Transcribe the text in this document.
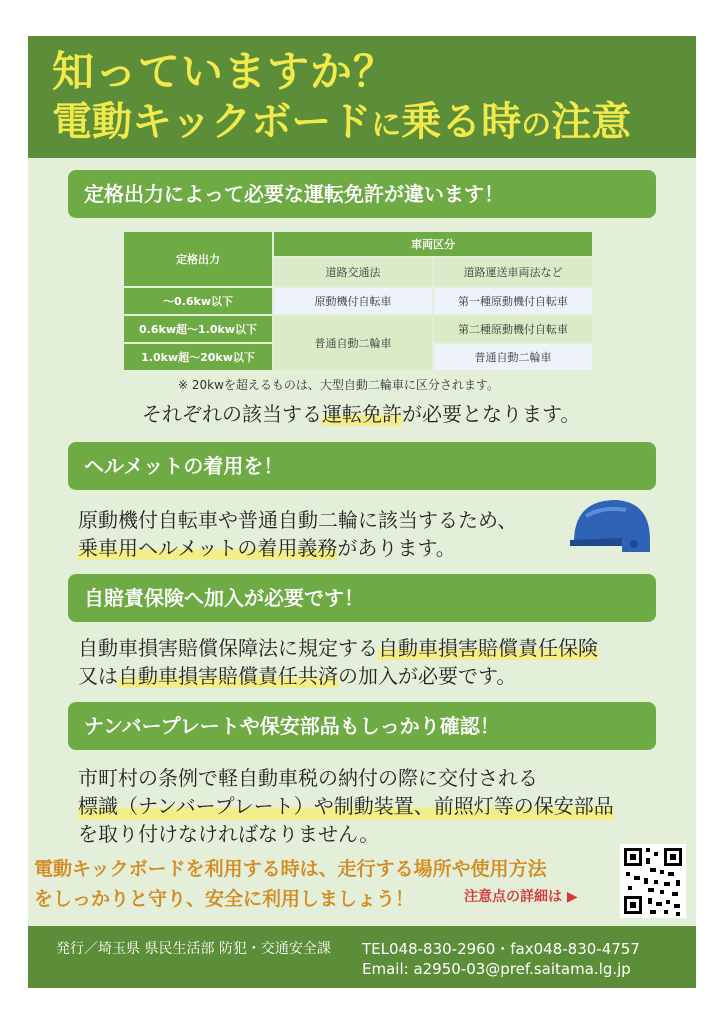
知っていますか？
電動キックボードに乗る時の注意
定格出力によって必要な運転免許が違います！
定格出力	車両区分	
	道路交通法	道路運送車両法など
〜0.6kw以下	原動機付自転車	第一種原動機付自転車
0.6kw超〜1.0kw以下	普通自動二輪車	第二種原動機付自転車
1.0kw超〜20kw以下		普通自動二輪車
※ 20kwを超えるものは、大型自動二輪車に区分されます。
それぞれの該当する運転免許が必要となります。
ヘルメットの着用を！
原動機付自転車や普通自動二輪に該当するため、
乗車用ヘルメットの着用義務があります。
自賠責保険へ加入が必要です！
自動車損害賠償保障法に規定する自動車損害賠償責任保険
又は自動車損害賠償責任共済の加入が必要です。
ナンバープレートや保安部品もしっかり確認！
市町村の条例で軽自動車税の納付の際に交付される
標識（ナンバープレート）や制動装置、前照灯等の保安部品
を取り付けなければなりません。
電動キックボードを利用する時は、走行する場所や使用方法
をしっかりと守り、安全に利用しましょう！	注意点の詳細は ▶
発行／埼玉県 県民生活部 防犯・交通安全課 TEL048-830-2960・fax048-830-4757
Email: a2950-03@pref.saitama.lg.jp
